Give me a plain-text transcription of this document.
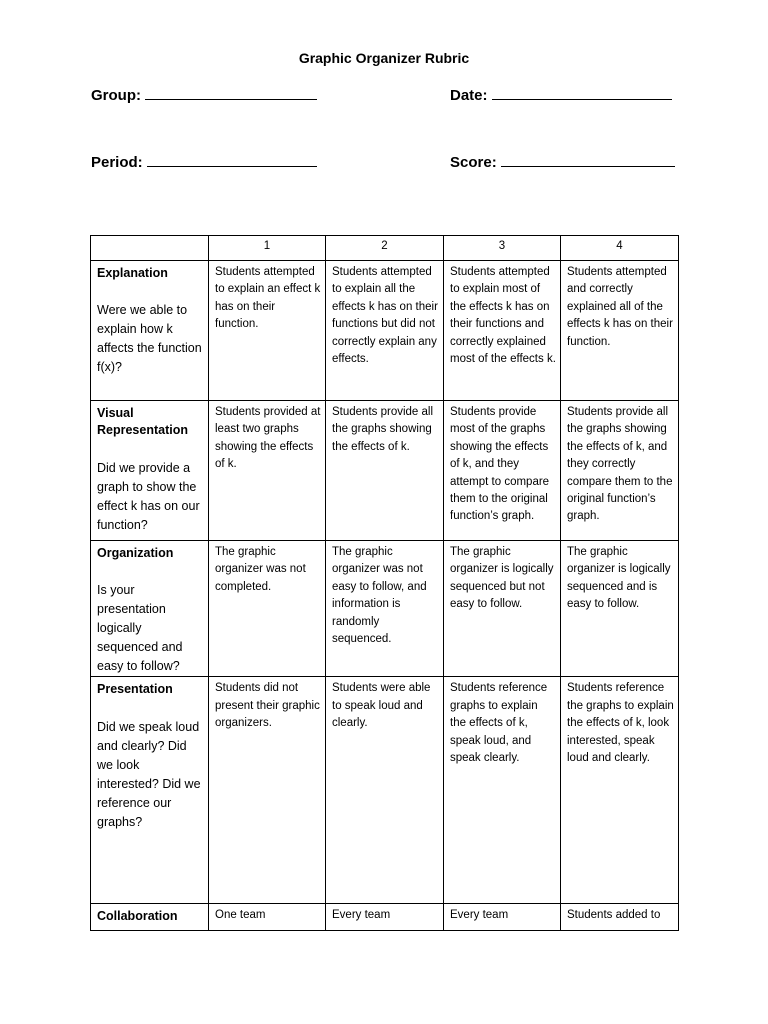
Graphic Organizer Rubric
Group:	Date:
Period:	Score:
	1	2	3	4

Explanation
Were we able to explain how k affects the function f(x)?	Students attempted to explain an effect k has on their function.	Students attempted to explain all the effects k has on their functions but did not correctly explain any effects.	Students attempted to explain most of the effects k has on their functions and correctly explained most of the effects k.	Students attempted and correctly explained all of the effects k has on their function.

Visual Representation
Did we provide a graph to show the effect k has on our function?	Students provided at least two graphs showing the effects of k.	Students provide all the graphs showing the effects of k.	Students provide most of the graphs showing the effects of k, and they attempt to compare them to the original function’s graph.	Students provide all the graphs showing the effects of k, and they correctly compare them to the original function’s graph.

Organization
Is your presentation logically sequenced and easy to follow?	The graphic organizer was not completed.	The graphic organizer was not easy to follow, and information is randomly sequenced.	The graphic organizer is logically sequenced but not easy to follow.	The graphic organizer is logically sequenced and is easy to follow.

Presentation
Did we speak loud and clearly? Did we look interested? Did we reference our graphs?	Students did not present their graphic organizers.	Students were able to speak loud and clearly.	Students reference graphs to explain the effects of k, speak loud, and speak clearly.	Students reference the graphs to explain the effects of k, look interested, speak loud and clearly.

Collaboration	One team	Every team	Every team	Students added to
